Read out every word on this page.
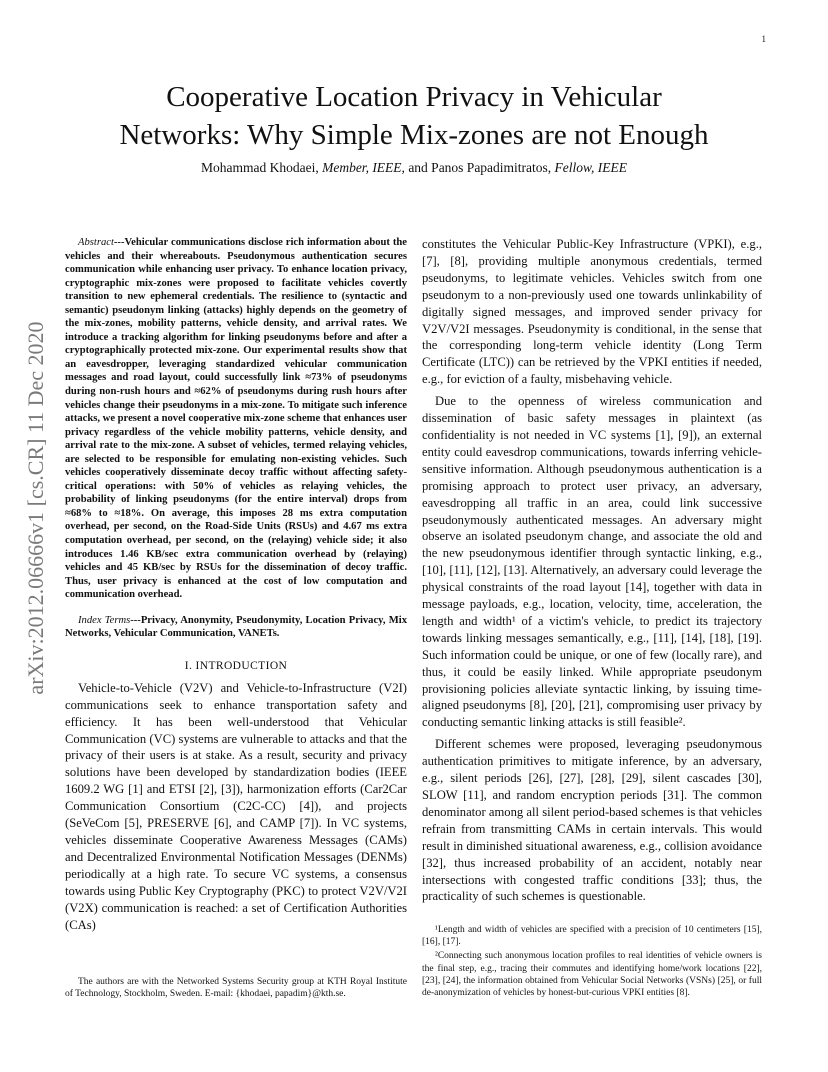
1
arXiv:2012.06666v1 [cs.CR] 11 Dec 2020
Cooperative Location Privacy in Vehicular
Networks: Why Simple Mix-zones are not Enough
Mohammad Khodaei, Member, IEEE, and Panos Papadimitratos, Fellow, IEEE

Abstract---Vehicular communications disclose rich information about the vehicles and their whereabouts. Pseudonymous authentication secures communication while enhancing user privacy. To enhance location privacy, cryptographic mix-zones were proposed to facilitate vehicles covertly transition to new ephemeral credentials. The resilience to (syntactic and semantic) pseudonym linking (attacks) highly depends on the geometry of the mix-zones, mobility patterns, vehicle density, and arrival rates. We introduce a tracking algorithm for linking pseudonyms before and after a cryptographically protected mix-zone. Our experimental results show that an eavesdropper, leveraging standardized vehicular communication messages and road layout, could successfully link ≈73% of pseudonyms during non-rush hours and ≈62% of pseudonyms during rush hours after vehicles change their pseudonyms in a mix-zone. To mitigate such inference attacks, we present a novel cooperative mix-zone scheme that enhances user privacy regardless of the vehicle mobility patterns, vehicle density, and arrival rate to the mix-zone. A subset of vehicles, termed relaying vehicles, are selected to be responsible for emulating non-existing vehicles. Such vehicles cooperatively disseminate decoy traffic without affecting safety-critical operations: with 50% of vehicles as relaying vehicles, the probability of linking pseudonyms (for the entire interval) drops from ≈68% to ≈18%. On average, this imposes 28 ms extra computation overhead, per second, on the Road-Side Units (RSUs) and 4.67 ms extra computation overhead, per second, on the (relaying) vehicle side; it also introduces 1.46 KB/sec extra communication overhead by (relaying) vehicles and 45 KB/sec by RSUs for the dissemination of decoy traffic. Thus, user privacy is enhanced at the cost of low computation and communication overhead.

Index Terms---Privacy, Anonymity, Pseudonymity, Location Privacy, Mix Networks, Vehicular Communication, VANETs.

I. INTRODUCTION

Vehicle-to-Vehicle (V2V) and Vehicle-to-Infrastructure (V2I) communications seek to enhance transportation safety and efficiency. It has been well-understood that Vehicular Communication (VC) systems are vulnerable to attacks and that the privacy of their users is at stake. As a result, security and privacy solutions have been developed by standardization bodies (IEEE 1609.2 WG [1] and ETSI [2], [3]), harmonization efforts (Car2Car Communication Consortium (C2C-CC) [4]), and projects (SeVeCom [5], PRESERVE [6], and CAMP [7]). In VC systems, vehicles disseminate Cooperative Awareness Messages (CAMs) and Decentralized Environmental Notification Messages (DENMs) periodically at a high rate. To secure VC systems, a consensus towards using Public Key Cryptography (PKC) to protect V2V/V2I (V2X) communication is reached: a set of Certification Authorities (CAs)

The authors are with the Networked Systems Security group at KTH Royal Institute of Technology, Stockholm, Sweden. E-mail: {khodaei, papadim}@kth.se.

constitutes the Vehicular Public-Key Infrastructure (VPKI), e.g., [7], [8], providing multiple anonymous credentials, termed pseudonyms, to legitimate vehicles. Vehicles switch from one pseudonym to a non-previously used one towards unlinkability of digitally signed messages, and improved sender privacy for V2V/V2I messages. Pseudonymity is conditional, in the sense that the corresponding long-term vehicle identity (Long Term Certificate (LTC)) can be retrieved by the VPKI entities if needed, e.g., for eviction of a faulty, misbehaving vehicle.

Due to the openness of wireless communication and dissemination of basic safety messages in plaintext (as confidentiality is not needed in VC systems [1], [9]), an external entity could eavesdrop communications, towards inferring vehicle-sensitive information. Although pseudonymous authentication is a promising approach to protect user privacy, an adversary, eavesdropping all traffic in an area, could link successive pseudonymously authenticated messages. An adversary might observe an isolated pseudonym change, and associate the old and the new pseudonymous identifier through syntactic linking, e.g., [10], [11], [12], [13]. Alternatively, an adversary could leverage the physical constraints of the road layout [14], together with data in message payloads, e.g., location, velocity, time, acceleration, the length and width¹ of a victim's vehicle, to predict its trajectory towards linking messages semantically, e.g., [11], [14], [18], [19]. Such information could be unique, or one of few (locally rare), and thus, it could be easily linked. While appropriate pseudonym provisioning policies alleviate syntactic linking, by issuing time-aligned pseudonyms [8], [20], [21], compromising user privacy by conducting semantic linking attacks is still feasible².

Different schemes were proposed, leveraging pseudonymous authentication primitives to mitigate inference, by an adversary, e.g., silent periods [26], [27], [28], [29], silent cascades [30], SLOW [11], and random encryption periods [31]. The common denominator among all silent period-based schemes is that vehicles refrain from transmitting CAMs in certain intervals. This would result in diminished situational awareness, e.g., collision avoidance [32], thus increased probability of an accident, notably near intersections with congested traffic conditions [33]; thus, the practicality of such schemes is questionable.

¹Length and width of vehicles are specified with a precision of 10 centimeters [15], [16], [17].

²Connecting such anonymous location profiles to real identities of vehicle owners is the final step, e.g., tracing their commutes and identifying home/work locations [22], [23], [24], the information obtained from Vehicular Social Networks (VSNs) [25], or full de-anonymization of vehicles by honest-but-curious VPKI entities [8].
